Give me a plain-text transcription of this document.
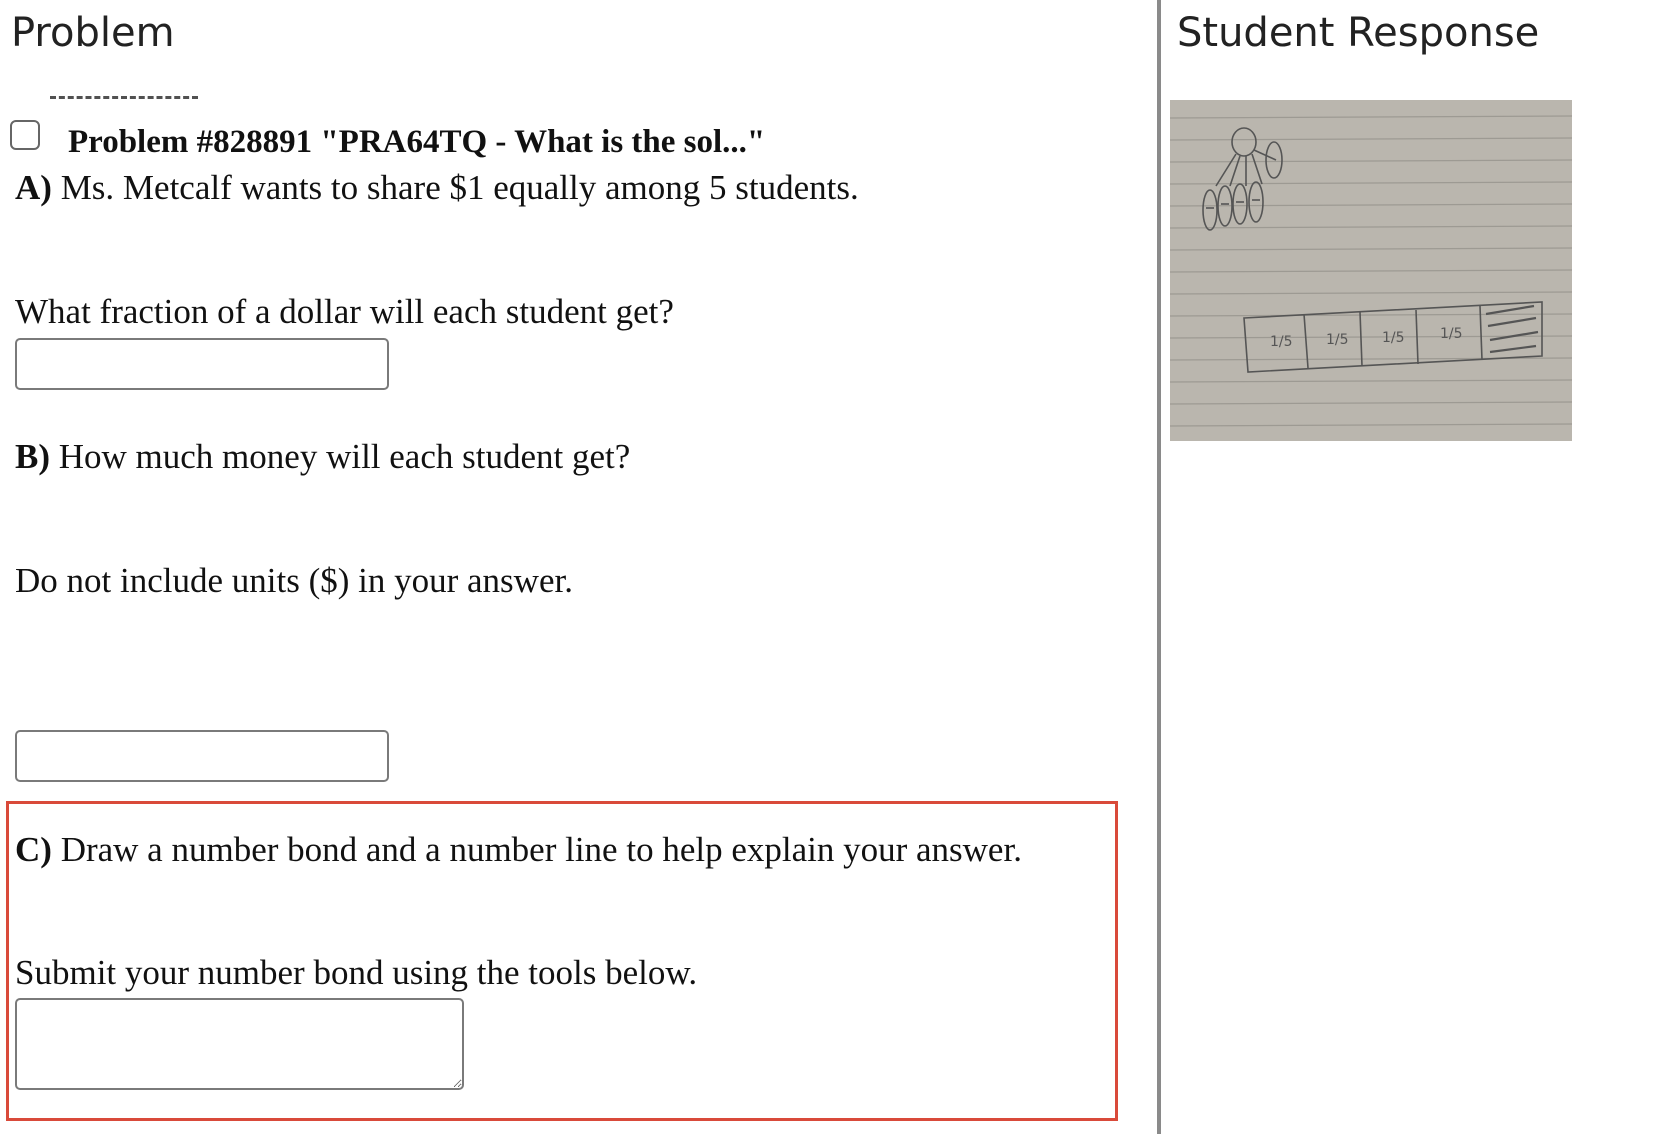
Problem	Student Response

Problem #828891 "PRA64TQ - What is the sol..."

A) Ms. Metcalf wants to share $1 equally among 5 students.

What fraction of a dollar will each student get?

B) How much money will each student get?

Do not include units ($) in your answer.

C) Draw a number bond and a number line to help explain your answer.

Submit your number bond using the tools below.

1/5 1/5 1/5	1/5
